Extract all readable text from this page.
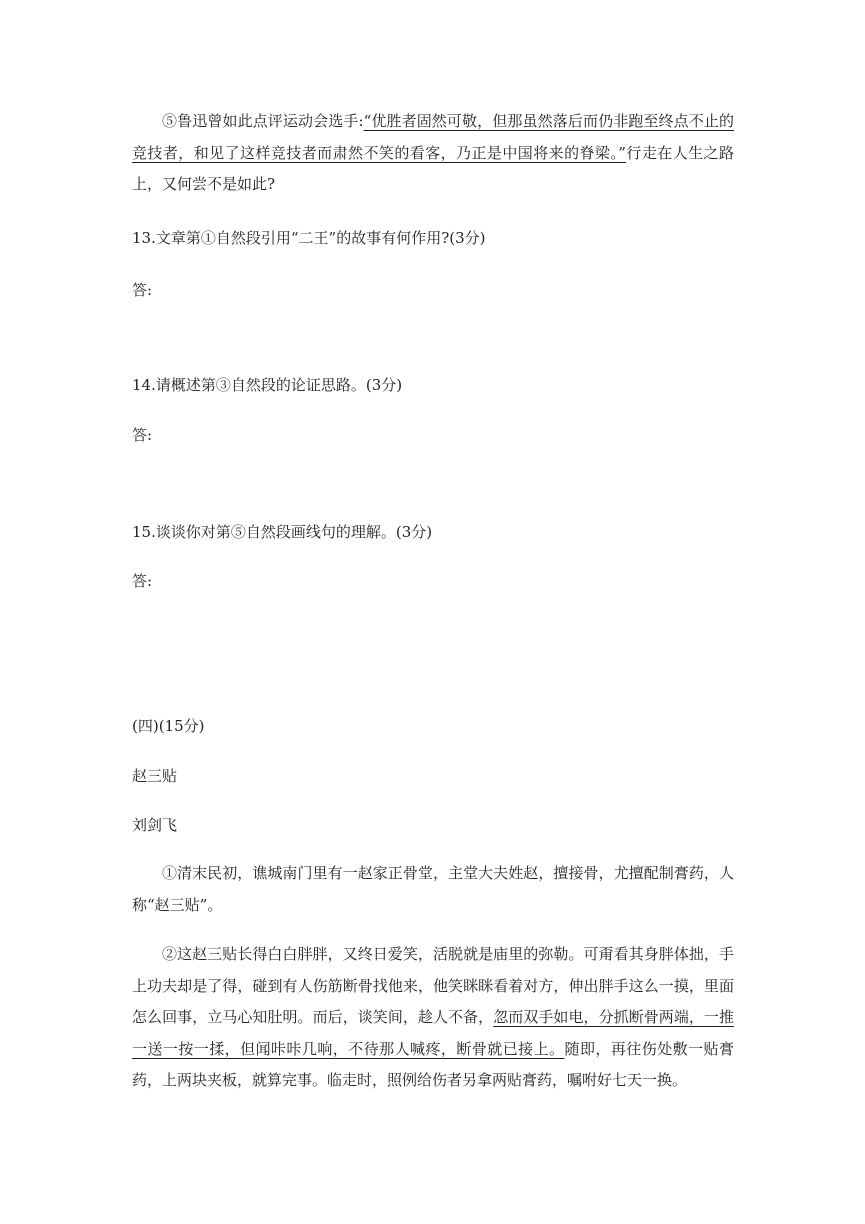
⑤鲁迅曾如此点评运动会选手:“优胜者固然可敬，但那虽然落后而仍非跑至终点不止的竞技者，和见了这样竞技者而肃然不笑的看客，乃正是中国将来的脊梁。”行走在人生之路上，又何尝不是如此?

13.文章第①自然段引用“二王”的故事有何作用?(3分)

答:

14.请概述第③自然段的论证思路。(3分)

答:

15.谈谈你对第⑤自然段画线句的理解。(3分)

答:

(四)(15分)

赵三贴

刘剑飞

①清末民初，谯城南门里有一赵家正骨堂，主堂大夫姓赵，擅接骨，尤擅配制膏药，人称“赵三贴”。

②这赵三贴长得白白胖胖，又终日爱笑，活脱就是庙里的弥勒。可甭看其身胖体拙，手上功夫却是了得，碰到有人伤筋断骨找他来，他笑眯眯看着对方，伸出胖手这么一摸，里面怎么回事，立马心知肚明。而后，谈笑间，趁人不备，忽而双手如电，分抓断骨两端，一推一送一按一揉，但闻咔咔几响，不待那人喊疼，断骨就已接上。随即，再往伤处敷一贴膏药，上两块夹板，就算完事。临走时，照例给伤者另拿两贴膏药，嘱咐好七天一换。
